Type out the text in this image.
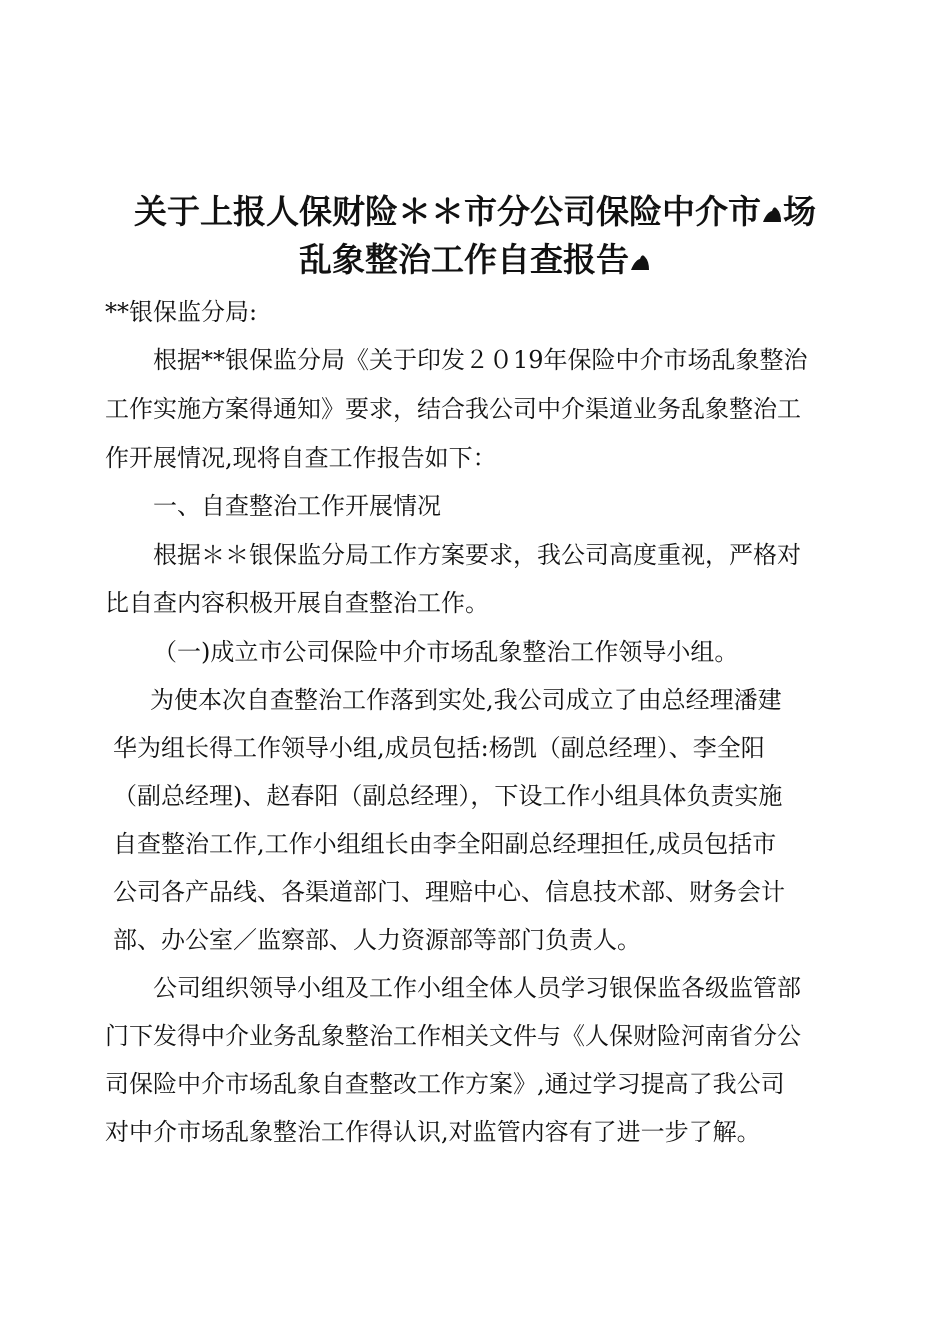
关于上报人保财险＊＊市分公司保险中介市 场
乱象整治工作自查报告

**银保监分局:

根据**银保监分局《关于印发２０19年保险中介市场乱象整治

工作实施方案得通知》要求，结合我公司中介渠道业务乱象整治工

作开展情况,现将自查工作报告如下：

一、自查整治工作开展情况

根据＊＊银保监分局工作方案要求，我公司高度重视，严格对

比自查内容积极开展自查整治工作。

（一)成立市公司保险中介市场乱象整治工作领导小组。

为使本次自查整治工作落到实处,我公司成立了由总经理潘建

华为组长得工作领导小组,成员包括:杨凯（副总经理）、李全阳

（副总经理)、赵春阳（副总经理），下设工作小组具体负责实施

自查整治工作,工作小组组长由李全阳副总经理担任,成员包括市

公司各产品线、各渠道部门、理赔中心、信息技术部、财务会计

部、办公室／监察部、人力资源部等部门负责人。

公司组织领导小组及工作小组全体人员学习银保监各级监管部

门下发得中介业务乱象整治工作相关文件与《人保财险河南省分公

司保险中介市场乱象自查整改工作方案》,通过学习提高了我公司

对中介市场乱象整治工作得认识,对监管内容有了进一步了解。
